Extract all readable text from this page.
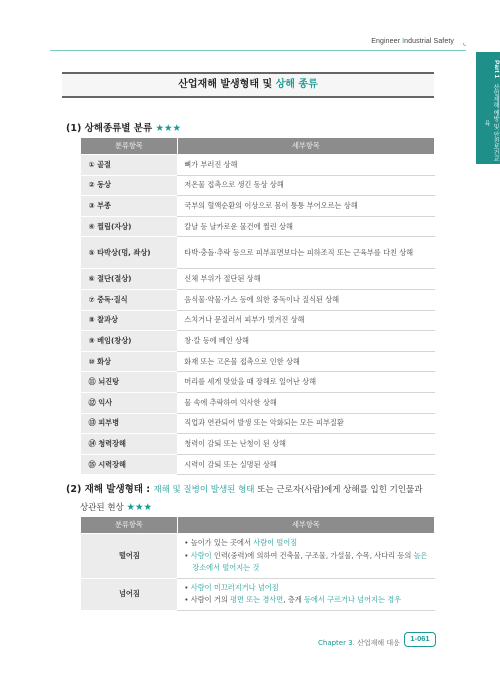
Engineer Industrial Safety ◟
Part 1
산업재해 예방 및 안전보건교육
산업재해 발생형태 및 상해 종류
(1) 상해종류별 분류 ★★★
분류항목	세부항목
① 골절	뼈가 부러진 상해
② 동상	저온물 접촉으로 생긴 동상 상해
③ 부종	국부의 혈액순환의 이상으로 몸이 퉁퉁 부어오르는 상해
④ 찔림(자상)	칼날 등 날카로운 물건에 찔린 상해
⑤ 타박상(멍, 좌상)	타박·충돌·추락 등으로 피부표면보다는 피하조직 또는 근육부를 다친 상해
⑥ 절단(절상)	신체 부위가 절단된 상해
⑦ 중독·질식	음식물·약물·가스 등에 의한 중독이나 질식된 상해
⑧ 찰과상	스치거나 문질러서 피부가 벗겨진 상해
⑨ 베임(창상)	창·칼 등에 베인 상해
⑩ 화상	화재 또는 고온물 접촉으로 인한 상해
⑪ 뇌진탕	머리를 세게 맞았을 때 장해로 일어난 상해
⑫ 익사	물 속에 추락하여 익사한 상해
⑬ 피부병	직업과 연관되어 발생 또는 악화되는 모든 피부질환
⑭ 청력장해	청력이 감퇴 또는 난청이 된 상해
⑮ 시력장해	시력이 감퇴 또는 실명된 상해
(2) 재해 발생형태 : 재해 및 질병이 발생된 형태 또는 근로자(사람)에게 상해를 입힌 기인물과
상관된 현상 ★★★
분류항목	세부항목
떨어짐	• 높이가 있는 곳에서 사람이 떨어짐
• 사람이 인력(중력)에 의하여 건축물, 구조물, 가설물, 수목, 사다리 등의 높은 장소에서 떨어지는 것

넘어짐	• 사람이 미끄러지거나 넘어짐
• 사람이 거의 평면 또는 경사면, 층계 등에서 구르거나 넘어지는 경우
Chapter 3. 산업재해 대응	1-061
